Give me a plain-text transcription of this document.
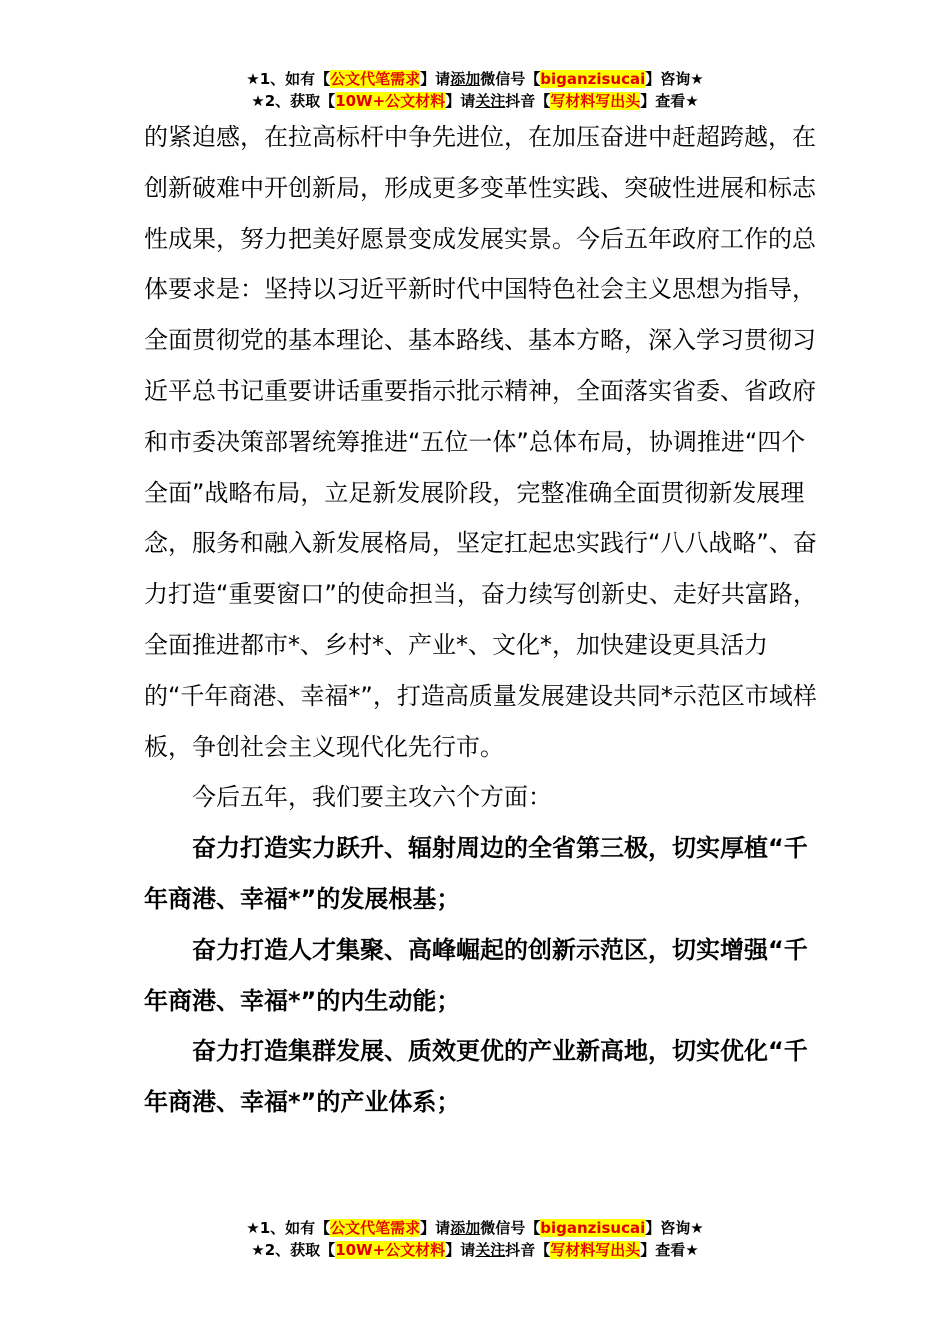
★1、如有【公文代笔需求】请添加微信号【biganzisucai】咨询★
★2、获取【10W+公文材料】请关注抖音【写材料写出头】查看★

的紧迫感，在拉高标杆中争先进位，在加压奋进中赶超跨越，在创新破难中开创新局，形成更多变革性实践、突破性进展和标志性成果，努力把美好愿景变成发展实景。今后五年政府工作的总体要求是：坚持以习近平新时代中国特色社会主义思想为指导，全面贯彻党的基本理论、基本路线、基本方略，深入学习贯彻习近平总书记重要讲话重要指示批示精神，全面落实省委、省政府和市委决策部署统筹推进“五位一体”总体布局，协调推进“四个全面”战略布局，立足新发展阶段，完整准确全面贯彻新发展理念，服务和融入新发展格局，坚定扛起忠实践行“八八战略”、奋力打造“重要窗口”的使命担当，奋力续写创新史、走好共富路，全面推进都市*、乡村*、产业*、文化*，加快建设更具活力的“千年商港、幸福*”，打造高质量发展建设共同*示范区市域样板，争创社会主义现代化先行市。

今后五年，我们要主攻六个方面：

奋力打造实力跃升、辐射周边的全省第三极，切实厚植“千年商港、幸福*”的发展根基；

奋力打造人才集聚、高峰崛起的创新示范区，切实增强“千年商港、幸福*”的内生动能；

奋力打造集群发展、质效更优的产业新高地，切实优化“千年商港、幸福*”的产业体系；

★1、如有【公文代笔需求】请添加微信号【biganzisucai】咨询★
★2、获取【10W+公文材料】请关注抖音【写材料写出头】查看★
